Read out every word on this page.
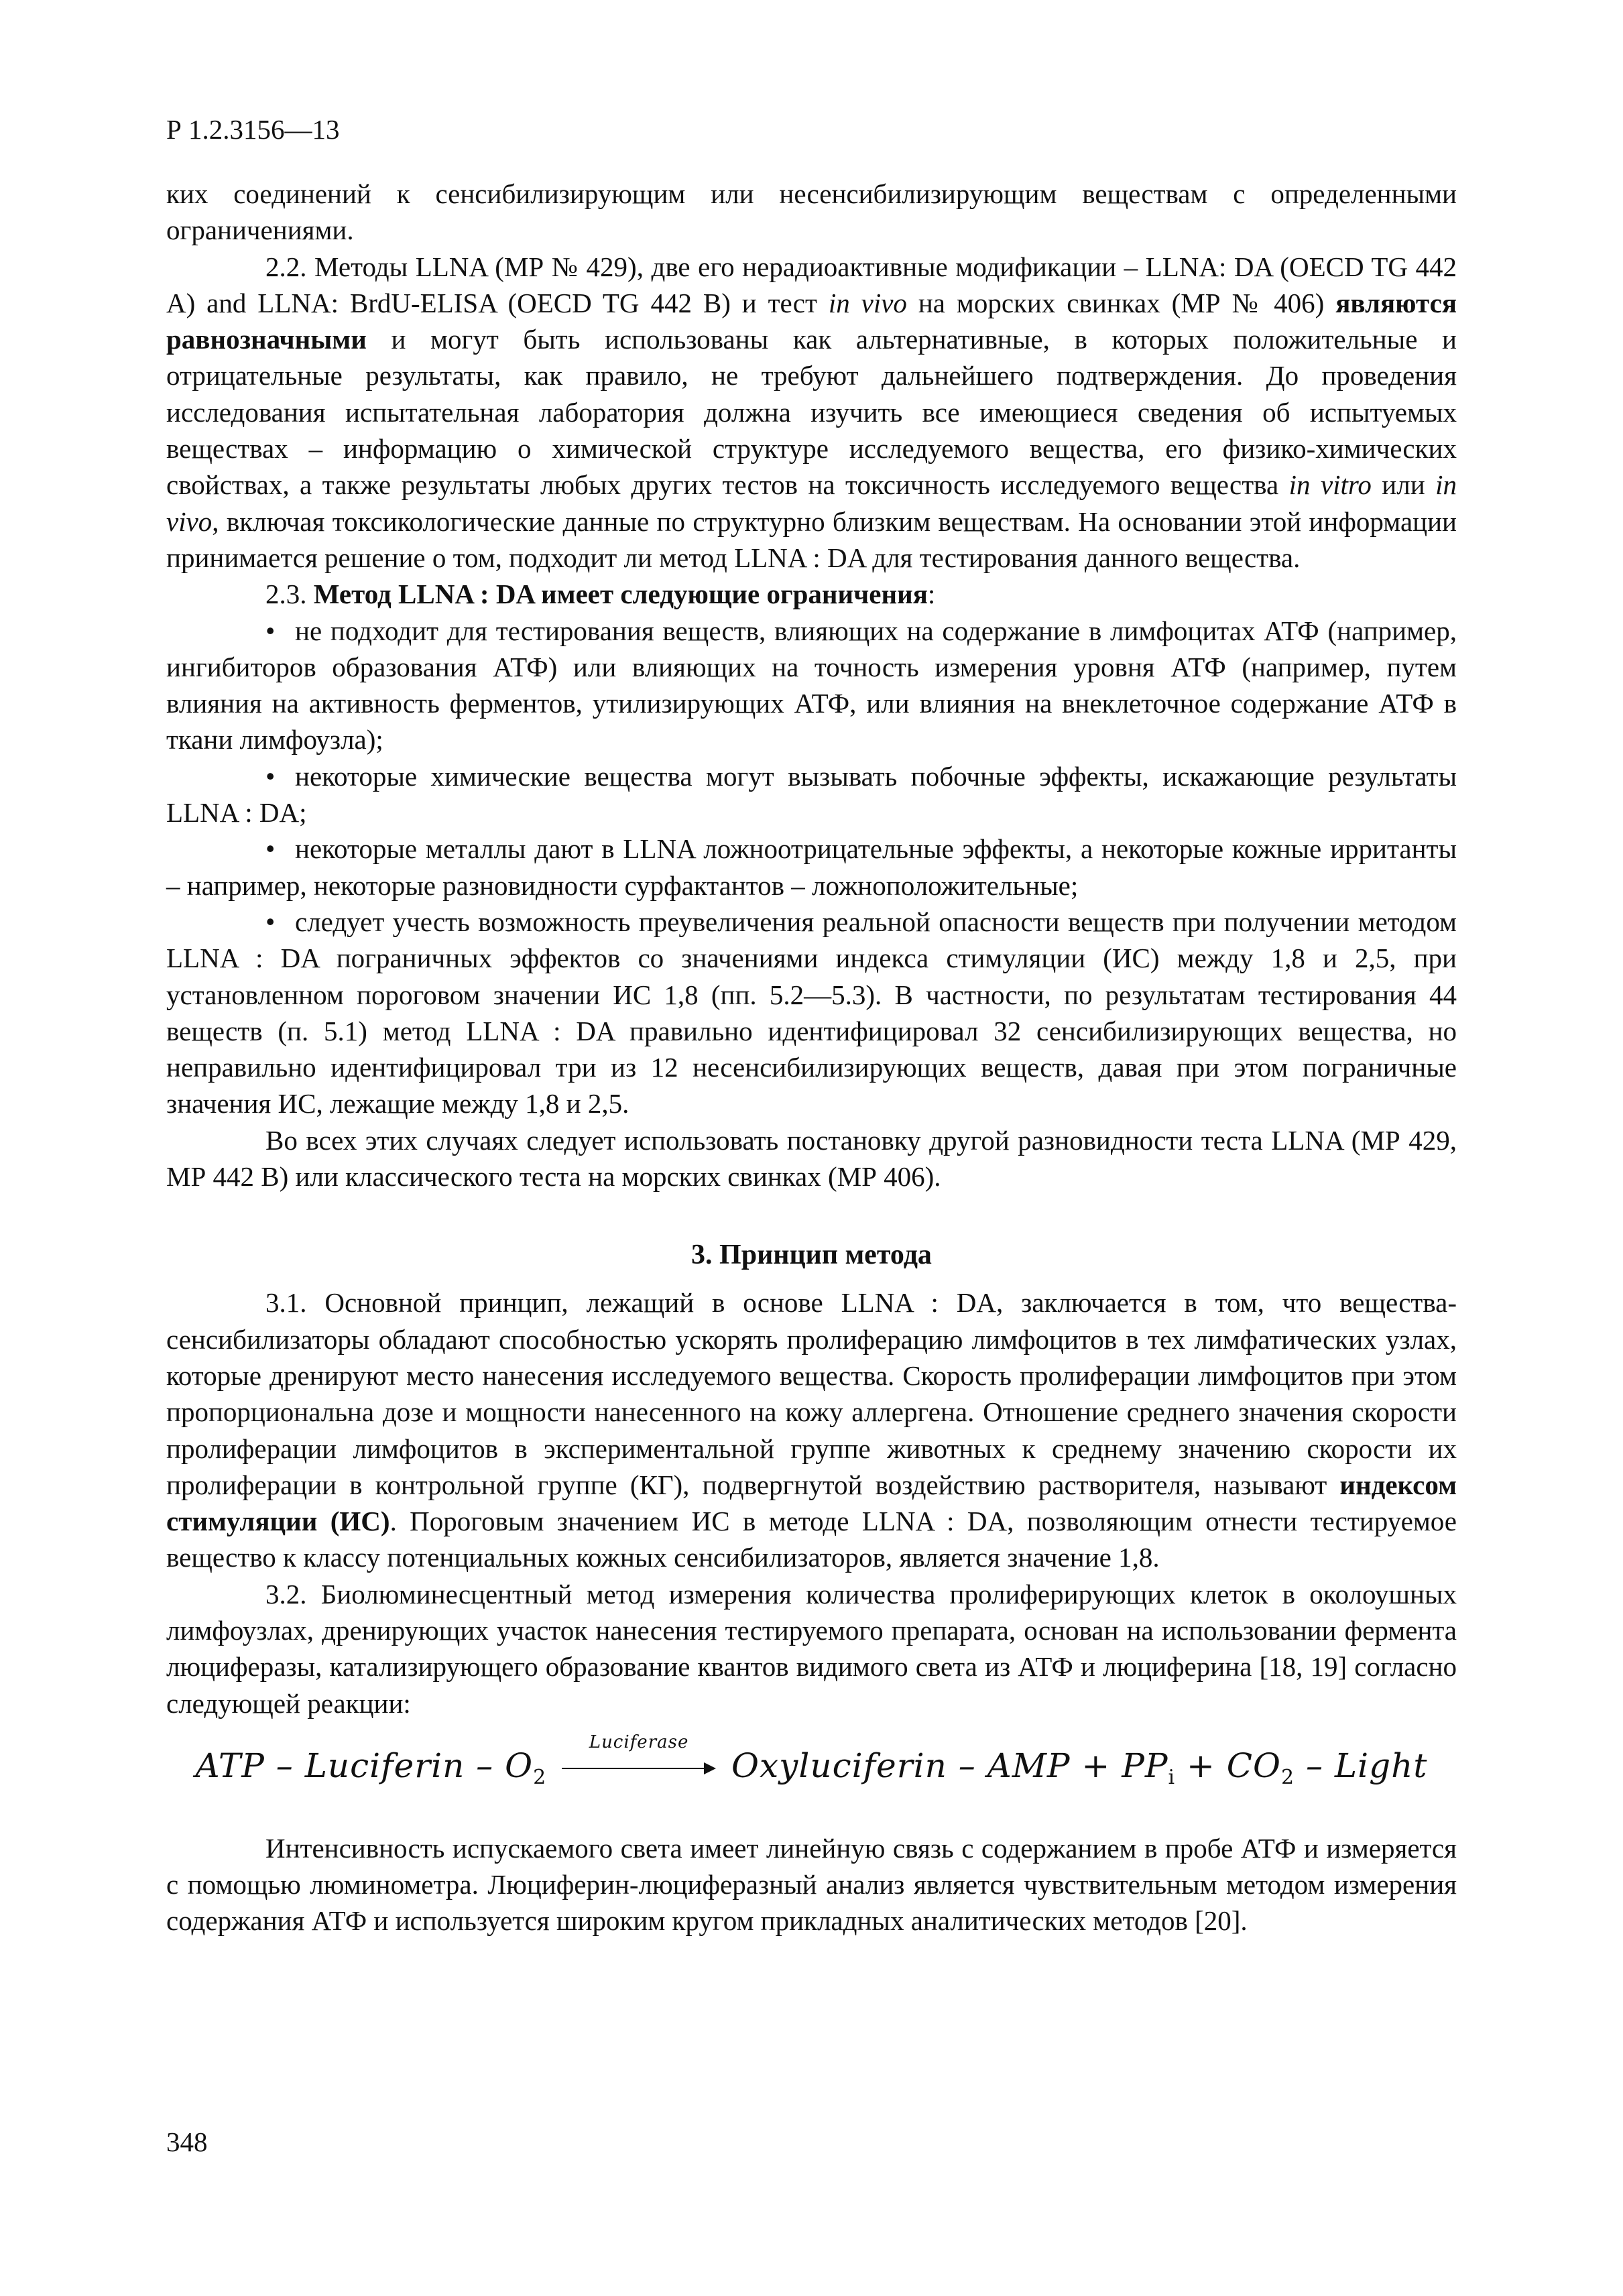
Р 1.2.3156—13

ких соединений к сенсибилизирующим или несенсибилизирующим веществам с определенными ограничениями.

2.2. Методы LLNA (МР № 429), две его нерадиоактивные модификации – LLNA: DA (OECD TG 442 A) and LLNA: BrdU-ELISA (OECD TG 442 B) и тест in vivo на морских свинках (МР № 406) являются равнозначными и могут быть использованы как альтернативные, в которых положительные и отрицательные результаты, как правило, не требуют дальнейшего подтверждения. До проведения исследования испытательная лаборатория должна изучить все имеющиеся сведения об испытуемых веществах – информацию о химической структуре исследуемого вещества, его физико-химических свойствах, а также результаты любых других тестов на токсичность исследуемого вещества in vitro или in vivo, включая токсикологические данные по структурно близким веществам. На основании этой информации принимается решение о том, подходит ли метод LLNA : DA для тестирования данного вещества.

2.3. Метод LLNA : DA имеет следующие ограничения:

• не подходит для тестирования веществ, влияющих на содержание в лимфоцитах АТФ (например, ингибиторов образования АТФ) или влияющих на точность измерения уровня АТФ (например, путем влияния на активность ферментов, утилизирующих АТФ, или влияния на внеклеточное содержание АТФ в ткани лимфоузла);

• некоторые химические вещества могут вызывать побочные эффекты, искажающие результаты LLNA : DA;

• некоторые металлы дают в LLNA ложноотрицательные эффекты, а некоторые кожные ирританты – например, некоторые разновидности сурфактантов – ложноположительные;

• следует учесть возможность преувеличения реальной опасности веществ при получении методом LLNA : DA пограничных эффектов со значениями индекса стимуляции (ИС) между 1,8 и 2,5, при установленном пороговом значении ИС 1,8 (пп. 5.2—5.3). В частности, по результатам тестирования 44 веществ (п. 5.1) метод LLNA : DA правильно идентифицировал 32 сенсибилизирующих вещества, но неправильно идентифицировал три из 12 несенсибилизирующих веществ, давая при этом пограничные значения ИС, лежащие между 1,8 и 2,5.

Во всех этих случаях следует использовать постановку другой разновидности теста LLNA (МР 429, МР 442 В) или классического теста на морских свинках (МР 406).

3. Принцип метода

3.1. Основной принцип, лежащий в основе LLNA : DA, заключается в том, что вещества-сенсибилизаторы обладают способностью ускорять пролиферацию лимфоцитов в тех лимфатических узлах, которые дренируют место нанесения исследуемого вещества. Скорость пролиферации лимфоцитов при этом пропорциональна дозе и мощности нанесенного на кожу аллергена. Отношение среднего значения скорости пролиферации лимфоцитов в экспериментальной группе животных к среднему значению скорости их пролиферации в контрольной группе (КГ), подвергнутой воздействию растворителя, называют индексом стимуляции (ИС). Пороговым значением ИС в методе LLNA : DA, позволяющим отнести тестируемое вещество к классу потенциальных кожных сенсибилизаторов, является значение 1,8.

3.2. Биолюминесцентный метод измерения количества пролиферирующих клеток в околоушных лимфоузлах, дренирующих участок нанесения тестируемого препарата, основан на использовании фермента люциферазы, катализирующего образование квантов видимого света из АТФ и люциферина [18, 19] согласно следующей реакции:

ATP – Luciferin – $O_2$
Luciferase
Oxyluciferin – AMP + $PP_i + CO_2$ – Light

Интенсивность испускаемого света имеет линейную связь с содержанием в пробе АТФ и измеряется с помощью люминометра. Люциферин-люциферазный анализ является чувствительным методом измерения содержания АТФ и используется широким кругом прикладных аналитических методов [20].

348
